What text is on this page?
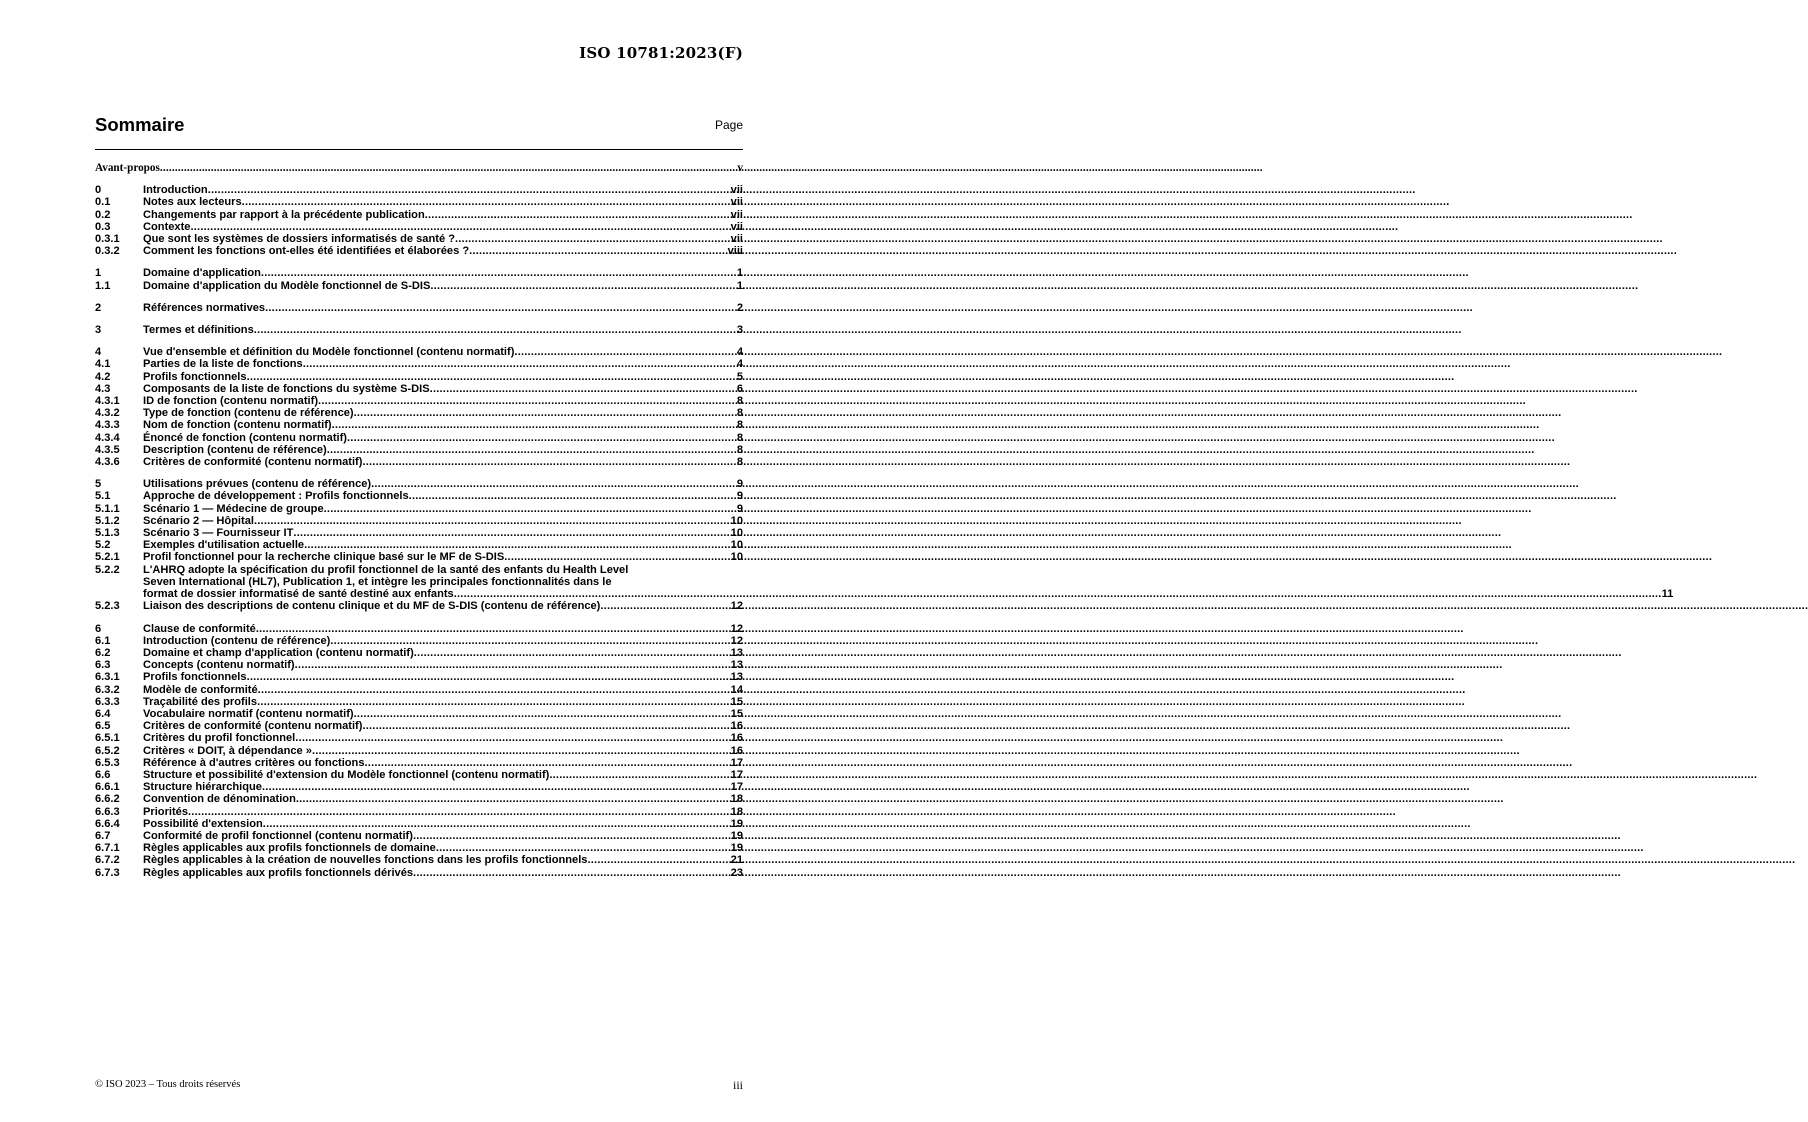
ISO 10781:2023(F)
Sommaire	Page
Avant-propos .....	v
0	Introduction .....	vii
0.1	Notes aux lecteurs .....	vii
0.2	Changements par rapport à la précédente publication .....	vii
0.3	Contexte .....	vii
0.3.1	Que sont les systèmes de dossiers informatisés de santé ? .....	vii
0.3.2	Comment les fonctions ont-elles été identifiées et élaborées ? .....	viii
1	Domaine d'application .....	1
1.1	Domaine d'application du Modèle fonctionnel de S-DIS .....	1
2	Références normatives .....	2
3	Termes et définitions .....	3
4	Vue d'ensemble et définition du Modèle fonctionnel (contenu normatif) .....	4
4.1	Parties de la liste de fonctions .....	4
4.2	Profils fonctionnels .....	5
4.3	Composants de la liste de fonctions du système S-DIS .....	6
4.3.1	ID de fonction (contenu normatif) .....	8
4.3.2	Type de fonction (contenu de référence) .....	8
4.3.3	Nom de fonction (contenu normatif) .....	8
4.3.4	Énoncé de fonction (contenu normatif) .....	8
4.3.5	Description (contenu de référence) .....	8
4.3.6	Critères de conformité (contenu normatif) .....	8
5	Utilisations prévues (contenu de référence) .....	9
5.1	Approche de développement : Profils fonctionnels .....	9
5.1.1	Scénario 1 — Médecine de groupe .....	9
5.1.2	Scénario 2 — Hôpital .....	10
5.1.3	Scénario 3 — Fournisseur IT .....	10
5.2	Exemples d'utilisation actuelle .....	10
5.2.1	Profil fonctionnel pour la recherche clinique basé sur le MF de S-DIS .....	10
5.2.2	L'AHRQ adopte la spécification du profil fonctionnel de la santé des enfants du Health Level
Seven International (HL7), Publication 1, et intègre les principales fonctionnalités dans le
format de dossier informatisé de santé destiné aux enfants .....	11
5.2.3	Liaison des descriptions de contenu clinique et du MF de S-DIS (contenu de référence) .....	12
6	Clause de conformité .....	12
6.1	Introduction (contenu de référence) .....	12
6.2	Domaine et champ d'application (contenu normatif) .....	13
6.3	Concepts (contenu normatif) .....	13
6.3.1	Profils fonctionnels .....	13
6.3.2	Modèle de conformité .....	14
6.3.3	Traçabilité des profils .....	15
6.4	Vocabulaire normatif (contenu normatif) .....	15
6.5	Critères de conformité (contenu normatif) .....	16
6.5.1	Critères du profil fonctionnel .....	16
6.5.2	Critères « DOIT, à dépendance » .....	16
6.5.3	Référence à d'autres critères ou fonctions .....	17
6.6	Structure et possibilité d'extension du Modèle fonctionnel (contenu normatif) .....	17
6.6.1	Structure hiérarchique .....	17
6.6.2	Convention de dénomination .....	18
6.6.3	Priorités .....	18
6.6.4	Possibilité d'extension .....	19
6.7	Conformité de profil fonctionnel (contenu normatif) .....	19
6.7.1	Règles applicables aux profils fonctionnels de domaine .....	19
6.7.2	Règles applicables à la création de nouvelles fonctions dans les profils fonctionnels .....	21
6.7.3	Règles applicables aux profils fonctionnels dérivés .....	23
© ISO 2023 – Tous droits réservés	iii
